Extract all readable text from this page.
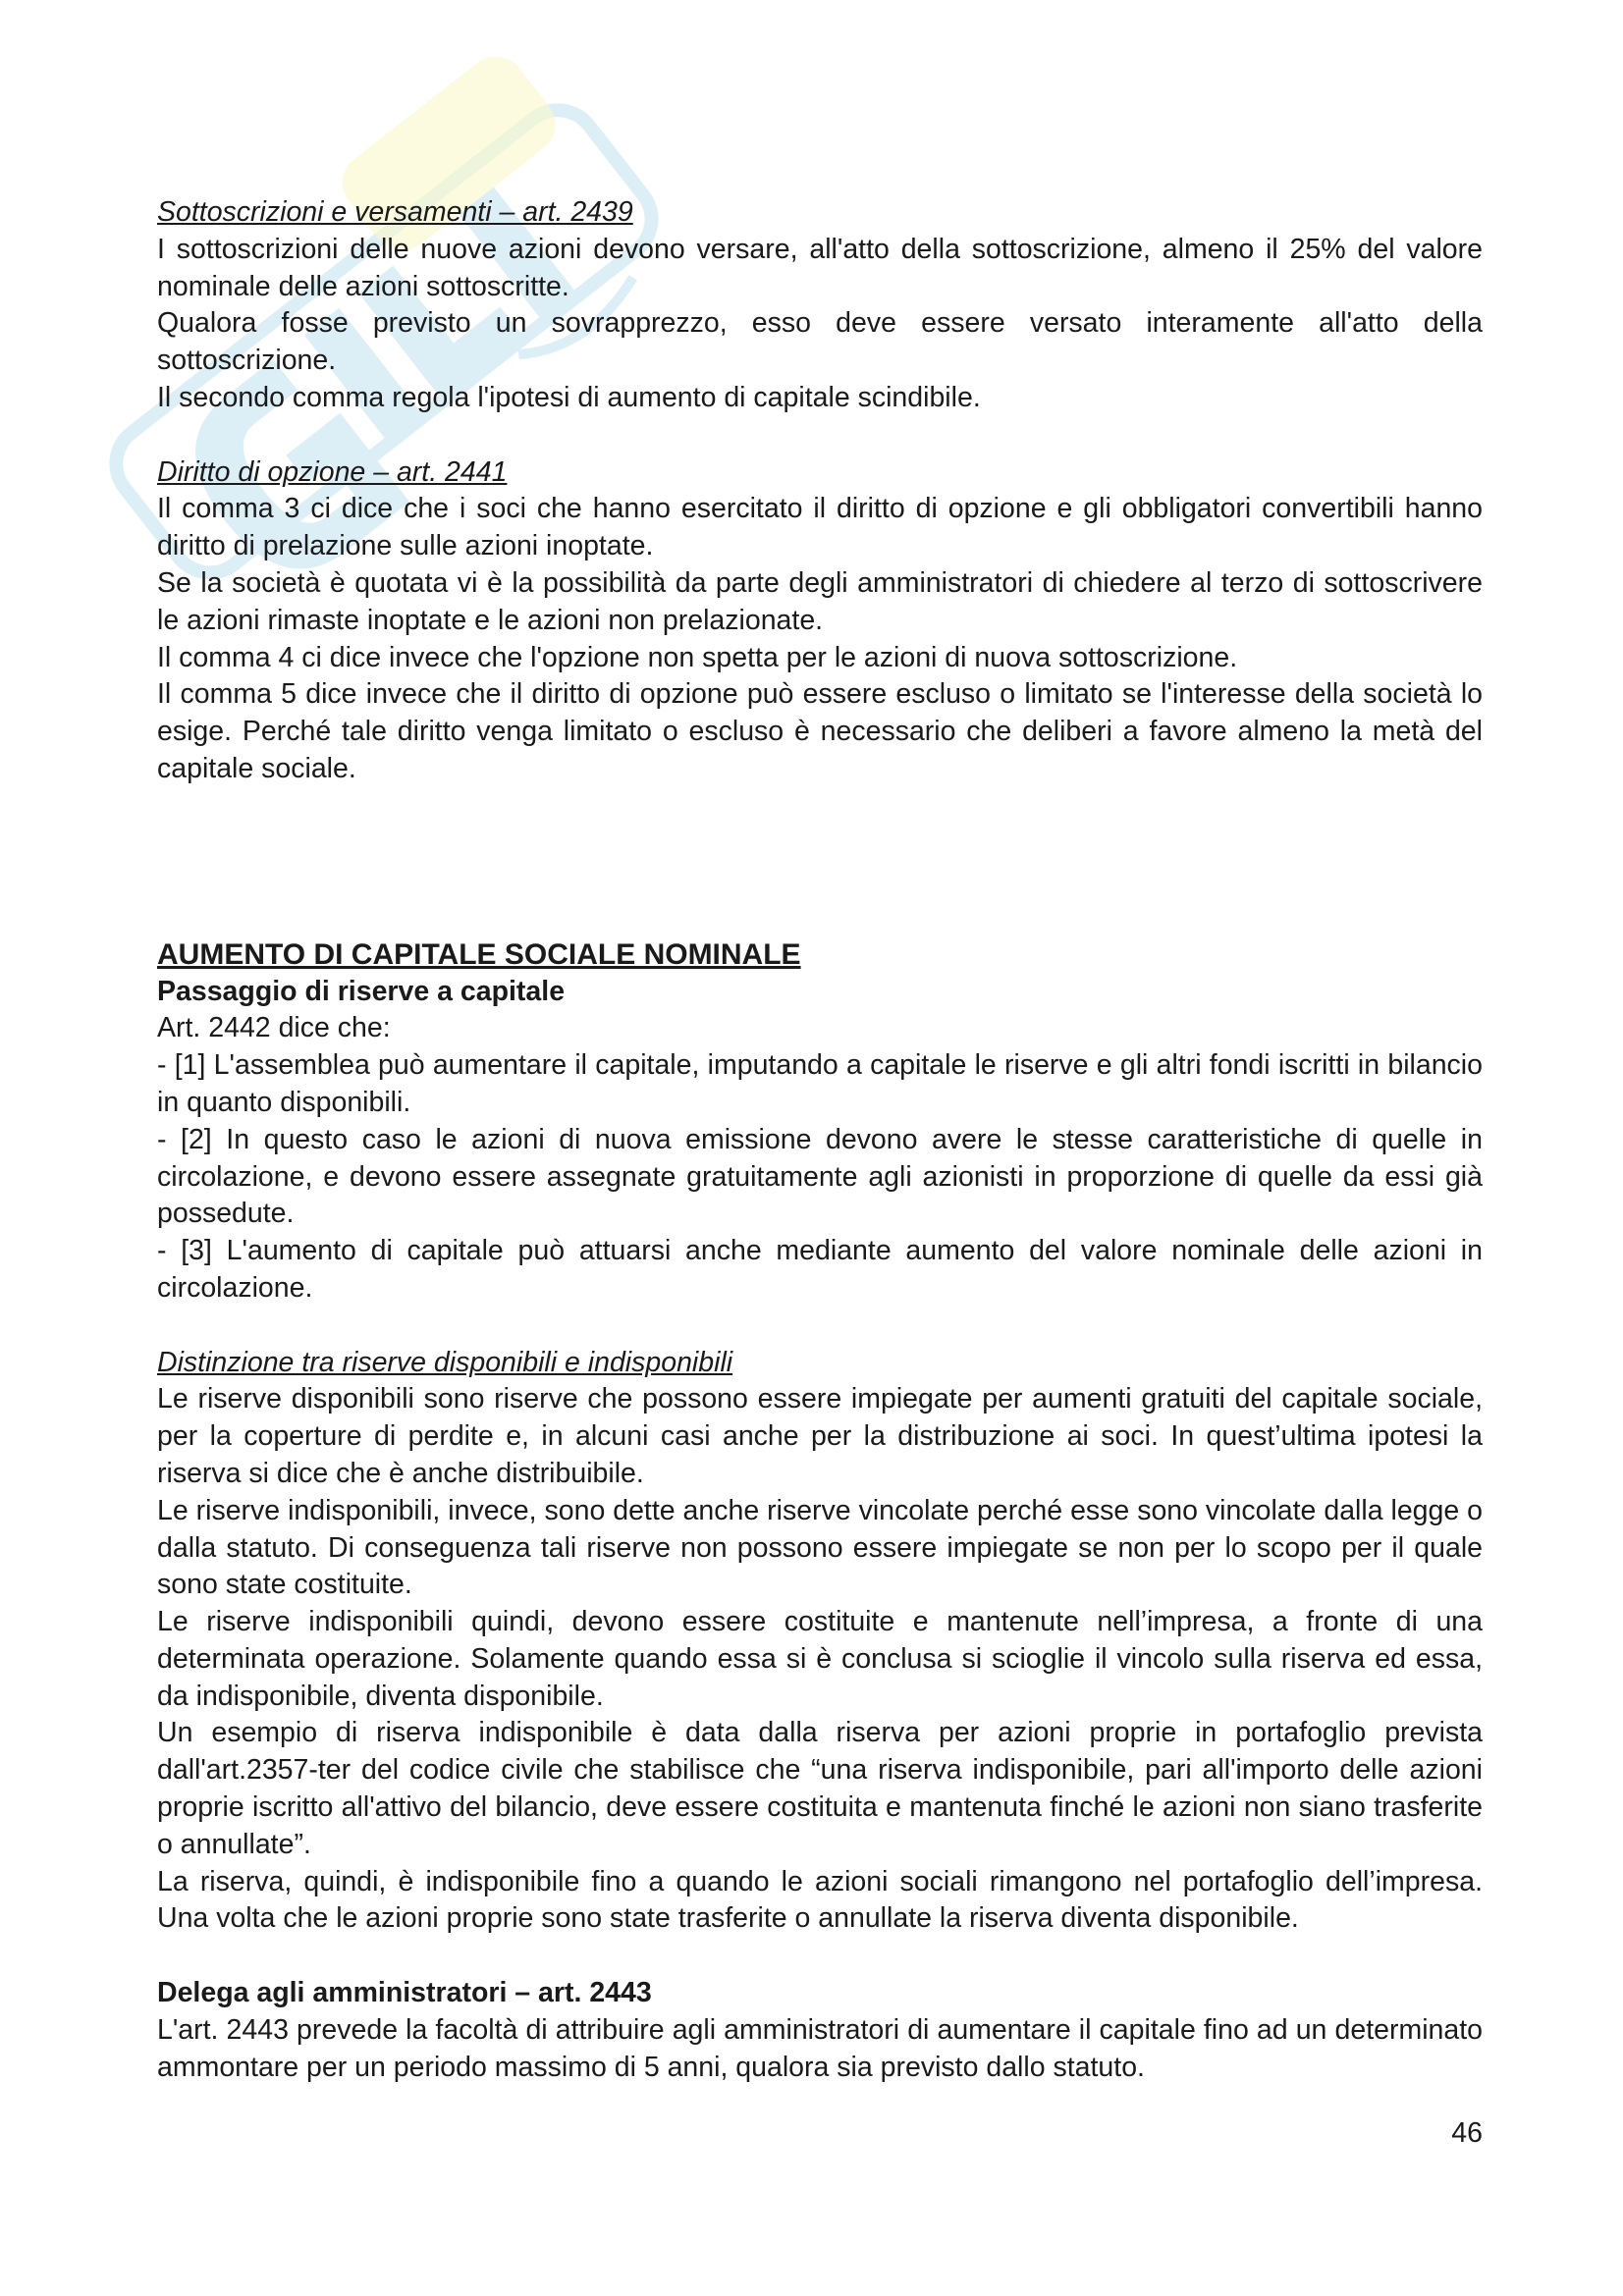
Sottoscrizioni e versamenti – art. 2439

I sottoscrizioni delle nuove azioni devono versare, all'atto della sottoscrizione, almeno il 25% del valore nominale delle azioni sottoscritte.

Qualora fosse previsto un sovrapprezzo, esso deve essere versato interamente all'atto della sottoscrizione.

Il secondo comma regola l'ipotesi di aumento di capitale scindibile.

Diritto di opzione – art. 2441

Il comma 3 ci dice che i soci che hanno esercitato il diritto di opzione e gli obbligatori convertibili hanno diritto di prelazione sulle azioni inoptate.

Se la società è quotata vi è la possibilità da parte degli amministratori di chiedere al terzo di sottoscrivere le azioni rimaste inoptate e le azioni non prelazionate.

Il comma 4 ci dice invece che l'opzione non spetta per le azioni di nuova sottoscrizione.

Il comma 5 dice invece che il diritto di opzione può essere escluso o limitato se l'interesse della società lo esige. Perché tale diritto venga limitato o escluso è necessario che deliberi a favore almeno la metà del capitale sociale.

AUMENTO DI CAPITALE SOCIALE NOMINALE

Passaggio di riserve a capitale

Art. 2442 dice che:

- [1] L'assemblea può aumentare il capitale, imputando a capitale le riserve e gli altri fondi iscritti in bilancio in quanto disponibili.

- [2] In questo caso le azioni di nuova emissione devono avere le stesse caratteristiche di quelle in circolazione, e devono essere assegnate gratuitamente agli azionisti in proporzione di quelle da essi già possedute.

- [3] L'aumento di capitale può attuarsi anche mediante aumento del valore nominale delle azioni in circolazione.

Distinzione tra riserve disponibili e indisponibili

Le riserve disponibili sono riserve che possono essere impiegate per aumenti gratuiti del capitale sociale, per la coperture di perdite e, in alcuni casi anche per la distribuzione ai soci. In quest’ultima ipotesi la riserva si dice che è anche distribuibile.

Le riserve indisponibili, invece, sono dette anche riserve vincolate perché esse sono vincolate dalla legge o dalla statuto. Di conseguenza tali riserve non possono essere impiegate se non per lo scopo per il quale sono state costituite.

Le riserve indisponibili quindi, devono essere costituite e mantenute nell’impresa, a fronte di una determinata operazione. Solamente quando essa si è conclusa si scioglie il vincolo sulla riserva ed essa, da indisponibile, diventa disponibile.

Un esempio di riserva indisponibile è data dalla riserva per azioni proprie in portafoglio prevista dall'art.2357-ter del codice civile che stabilisce che “una riserva indisponibile, pari all'importo delle azioni proprie iscritto all'attivo del bilancio, deve essere costituita e mantenuta finché le azioni non siano trasferite o annullate”.

La riserva, quindi, è indisponibile fino a quando le azioni sociali rimangono nel portafoglio dell’impresa. Una volta che le azioni proprie sono state trasferite o annullate la riserva diventa disponibile.

Delega agli amministratori – art. 2443

L'art. 2443 prevede la facoltà di attribuire agli amministratori di aumentare il capitale fino ad un determinato ammontare per un periodo massimo di 5 anni, qualora sia previsto dallo statuto.

46
